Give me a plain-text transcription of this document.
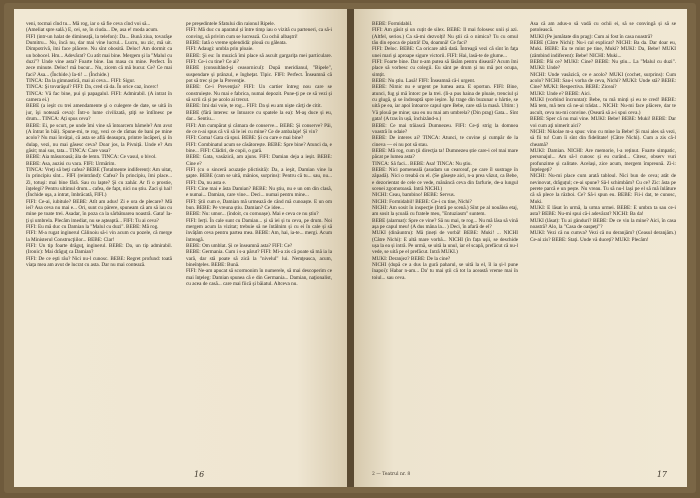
veni, tocmai cînd tu... Mă rog, iar o să fie ceva cînd voi să...

(Ameliat spre sală.) E, cei, se, în ciuda... De, asa e! moda acum.

FIFI (intr-un halat de dimineaţă, la telefon): Da... Bună ziua, tovarăşe Dumitru... Nu, încă nu, dar mai vine lucrul... Lucru, nu zic, mă uit. Dimpotrivă, îmi face plăcere. Nu sînt obosită. Deloc! Am dormit ca un bobocel. Hm... Adevărat? Cu atît mai bine. Mergem şi la "Malul cu duzi"? Unde vine asta? Foarte bine. Iau masa cu mine. Perfect. În zece minute. Deloc! mă bucur... Nu, zicem că mă bucur. Ce? Ce mai faci? Asa... (Închide.) Ia-ti! ... (Închide.)

TINCA: Da la gimnastică, mai ai ceva... FIFI: Sigur.

TINCA: Şi tovarăşul? FIFI: Da, cred că da. În orice caz, încerc!

TINCA: Vă fac bine, pui şi papagalul. FIFI: Admirabil. (A intrat în camera ei.)

BEBE (a ieşit cu trei amendamente şi o culegere de date, se uită în jur, îşi notează ceva): Într-o lume civilizată, ştiţi se întîlnesc pe drum... TINCA: Ați spus ceva?

BEBE: Ei, pe scurt, pe unde îmi vine să întoarcem bârnele? Am avut (A întrat în bâi). Spune-mi, te rog, vezi ce de rămas de bani pe mine acolo? Nu mai învățai, că asta se află deasupra, printre încăperi, și în dulap, vezi, nu mai găsesc ceva? Doar jos, la Pivniță. Unde e? Am găsit; mai sus, tata... TINCA: Care vasa?

BEBE: Aia măsuroasă; ăla de lemn. TINCA: Ce vasul, o bivol.

BEBE: Asa, auzisi cu vara. FIFI: Urmărim.

TINCA: Vreţi să beţi cafea? BEBE (Totalmente indiferent): Am uitat, în principiu sînt... FIFI (reintrând): Cafea? În principiu, îmi place... Zi, totuşi: mai bine fără. Sau cu lapte? Şi cu zahăr. Ar fi o prostie, înțelegi? Pentru ultimul drum... cafea, de fapt, nici nu știu. Zaci și hai! (Închide uşa, a intrat, îmbrăcată, FIFI.)

FIFI: Ce-ai, iubitule? BEBE: Atît am adus! Zi e ora de plecare? Mă iei? Asa ceva nu mai e... Ori, sunt cu părere, spuneam că am să iau cu mine pe toate trei. Asadar, în poza ca la sărbătoarea noastră. Gata! Ia-ţi și umbrela. Plecăm imediat, nu se aşteaptă... FIFI: Tu ai ceva?

FIFI: Eu mă duc cu Damian la "Malul cu duzi". BEBE: Mă rog.

FIFI: M-a rugat inginerul Călinoiu să-i vin acum cu pozele, că merge la Ministerul Construcţiilor... BEBE: Clar!

FIFI: Un tip foarte drăguţ, inginerul. BEBE: Da, un tip admirabil. (Ironic): Mai drăguţ ca Damian?

FIFI: De ce eşti rău? Nici nu-l cunosc. BEBE: Regret profund: toată viața mea am avut de lucrat cu asta. Dar nu mai contează.

pe președintele Sfatului din raionul Ripele.

FIFI: Mă duc cu aparatul și între timp iau o vizită cu parteneri, ca să-i conving, să privim cum se lucrează. Cu ochii albaştri!

BEBE: Iată o vreme splendidă: plouă cu găleata.

FIFI: Adaugi: umbla prin ploaie.

BEBE: Şi eu: în muzică îmi place să ascult gargariţa mei particulare. FIFI: Ce-i cu tine? Ce ai?

BEBE (consultând-şi ceasornicul): După meridianul, "Bipele", suspendare și prânzul, e îngheţat. Tipic. FIFI: Perfect. Înseamnă că pot să trec și pe la Prevenţie.

BEBE: Ce-i Prevenţia? FIFI: Un cartier întreg nou care se construiește. Nu mai e fabrica, numai depozit. Pune-ţi pe ce să vezi și să scrii că și pe acolo ai trecut.

BEBE: Imi dai voie, te rog... FIFI: Da și eu am nişte cărţi de citit.

BEBE (fără interes: se întoarce cu spatele la ea): M-aş duce și eu, dar... Sentiu...

FIFI: Am cumpărat și cămara de conserve... BEBE: Şi conserve? Pâi, de ce n-ai spus că vii să le iei cu mine? Ce de ambalaje! Și vin?

FIFI: Coma! Gata că spui. BEBE: Și cu care e mai bine?

FIFI: Combinatul acum se căsătorește. BEBE: Spre bine? Atunci da, e bine... FIFI: Clădiri, de copii, o gară.

BEBE: Gata, vasăzică, am ajuns. FIFI: Damian deja a ieșit. BEBE: Cine e?

FIFI (cu o sinceră acuzație plictisită): Da, a ieşit, Damian vine la şapte. BEBE (cam se uită, mânios, surprins): Pentru că tu... sau, nu... FIFI: Da, nu asta e.

FIFI: Cine mai e ăsta Damian? BEBE: Nu ştiu, nu e un om din clasă, e numai... Damian, care vine... Deci... numai pentru mine...

FIFI: Ştii cum e, Damian mă urmează de când mă cunoaște. E un om bun. BEBE: Pe vreuna știu. Damian? Ce idee...

BEBE: Nu: umor... (îndoit, cu cornoașe). Mai e ceva ce nu știu?

FIFI: Ierți. În cale sunt cu Damian... și să iei și tu ceva, pe drum. Noi mergem acum la vizitat; trebuie să ne întâlnim și cu ei în cale și să învățăm ceva pentru partea mea. BEBE: Am, hai, ia-te... mergi. Acum întreagă.

BEBE: Om umblat. Şi ce înseamnă asta? FIFI: Ce?

BEBE: Germania. Cum i s-a părut? FIFI: Mi-a zis că poate să mă ia la vară, dar stă poate să zică la "nivelul" lui. Nemţeasca, acum, bineînţeles. BEBE: Bună.

FIFI: Ne-am apucat să scormonim în numerele, să mai descoperim ce mai înţeleg: Damian spunea că e din Germania... Damian, naţionalist, cu acea de casă... care mai fiică și băiatul. Altceva nu.

16

BEBE: Formidabil.

FIFI: Am găsit și un cuțit de silex. BEBE: Il mai folosesc unii și azi. (Altfel, serios.) Ca să-mi dezvolți! Nu ştii că o nimica? Tu cu omul tău din epoca de piatră! Da, doamnă! Ce faci?

FIFI: Deloc. BEBE: Ca oricare altă dată. Întreagă vezi că sînt în faţa unei mari şi aproape sigure victorii. FIFI: Hai, lasă-te de glume...

FIFI: Foarte bine. Dar n-am putea să lăsăm pentru diseară? Acum îmi place să vorbesc cu colegii. Eu sânt pe drum și nu mă pot ocupa, simțit.

BEBE: Nu ştiu. Lasă! FIFI: Înseamnă că-i urgent.

BEBE: Nimic nu e urgent pe lumea asta. E oportun. FIFI: Bine, atunci, fug şi mă întorc pe la trei. (Ii-a pus haina de ploaie, trenciul şi cu glugă, şi se îndreaptă spre ieşire. Îşi trage din buzunar o hârtie, se uită pe ea, iar apoi întoarce capul spre Bebe, care stă la masă. Ultim: ) Vă plouă pe mine; sau eu nu mai am umbrela? (Din prag) Gata... Sînt gata! (A tras în ușă, închizând-o.)

BEBE: Ce mai trăiască Dumnezeu. FIFI: Ce-ţi strig la domnea voastră în odaie?

BEBE: De interes ai? TINCA: Atunci, te cuvine şi cumpăr de la cineva — ei nu pot să stau.

BEBE: Mă rog, cum ţii direcţia ta! Dumnezeu știe care-i cel mai mare păcat pe lumea asta?

TINCA: Să faci... BEBE: Asa! TINCA: Nu ştiu.

BEBE: Nici pomeneală (asudam un cearceaf, pe care îl sustrage în zăpadă). Nici o treabă cu el. (Se găsește aici, n-a prea văzut, ca Bebe, e dezorientat de cele ce vede, mănâncă ceva din farfurie, de-a lungul scenei zgomotoasă. Intră NICHI.)

NICHI: Ceau, bambino! BEBE: Servus.

NICHI: Formidabil! BEBE: Ce-i cu tine, Nichi?

NICHI: Am sosit în inspecţie (Intră pe scenă.) Sînt pe al nouălea etaj, am sosit la școală cu fratele meu, "Entuziasm" suntem.

BEBE (alarmat): Spre ce vine? Să nu mai, te rog... Nu mă lăsa să vină așa pe capul meu! (A dus mâna la... ) Deci, în afară de el?

MUKI (dinăuntru): Mă țineți de vorbă! BEBE: Muki! ... NICHI (Către Nichi): E altă mare vorbă... NICHI (în fața ușii, se deschide ușa la ea și intră. Pe urmă, se uită la unul, iar el scapă, prefăcut că nu-l vede, se uită pe el prefăcut. Intră MUKI.)

MUKI: Deranjez? BEBE: De la cine?

NICHI (după ce a dus la gură paharul, se uită la el, îl ia și-l pune înapoi): Habar n-am... Da' tu mai ştii că tot la această vreme mai în toiul... sau ceva.

Asa că am adus-o să vadă cu ochii ei, să se convingă și să se potolească.

MUKI (Pe jumătate din prag): Cum ai fost în casa noastră?

BEBE (Către Nichi): Nu-i cal explicat? NICHI: Ba da. Dar doar eu, Muki. BEBE: Eu te mint pe tine, Muki? MUKI: Da, Bebe! MUKI (zâmbind indiferent): Bebe! NICHI: Muki...

BEBE: Păi ce? MUKI: Cine? BEBE: Nu ştiu... La "Malul cu duzi". MUKI: Unde?

NICHI: Unde vasăzică, ce e acolo? MUKI (cochet, surprins): Cum acolo? NICHI: Sau-i vorba de ceva, Nichi? MUKI: Unde stă? BEBE: Cine? MUKI: Respectiva. BEBE: Ziceai?

MUKI: Unde e? BEBE: Aici.

MUKI (vorbind încruntat): Bebe, tu mă minți și eu te cred! BEBE: Mă tem, mă tem că ne-ai trădat... NICHI: Nu-mi face plăcere, dar te ascult, ceva nu-mi convine. (Oseară să a-i spui ceva.)

BEBE: Sper că nu mai vine. MUKI: Bebe! BEBE: Muki! BEBE: Dar voi cum aţi nimerit aici?

NICHI: Nikolae m-a spus: vino cu mine la Bebe! Și mai ales să vezi, să fii tu! Cum îi sînt din fidelitate! (Către Nichi). Cum a zis că-l cheamă?

MUKI: Damian. NICHI: Are memorie, l-a reținut. Foarte simpatic, personajul... Am să-l cunosc și eu curând... Citesc, observ vuri profunzime și calitate. Același, zice acum, mergem împreună. Zi-i: Înțelegeți?

NICHI: Nu-mi place cum arată tabloul. Nici bun de ceva; atât de nevinovat, drăguțul; ce-ai spune? Să-l schimbăm? Cu ce? Zic: ăsta pe perete parcă e un pește. Nu vreau. Tu să nu-l lași pe el să mă înlăture că să plece la război. Ce? Să-i spun eu. BEBE: Fii-i dat, te cunosc, Muki.

MUKI: E lăsat în urmă, la urma urmei. BEBE: E umbra ta sau ce-i asta? BEBE: Nu-mi spui că-i adevărat? NICHI: Ba da!

MUKI (lăsat): Tu ai gânduri? BEBE: De ce vin la mine? Aici, în casa noastră? Alo, la "Casa de oaspeți"?

MUKI: Vezi că nu cumva? Vezi că nu deranjăm? (Ceasul deranjăm.) Ce-ai zis? BEBE: Stați. Unde vă duceți? MUKI: Plecăm!

2 — Teatrul nr. 8	17
